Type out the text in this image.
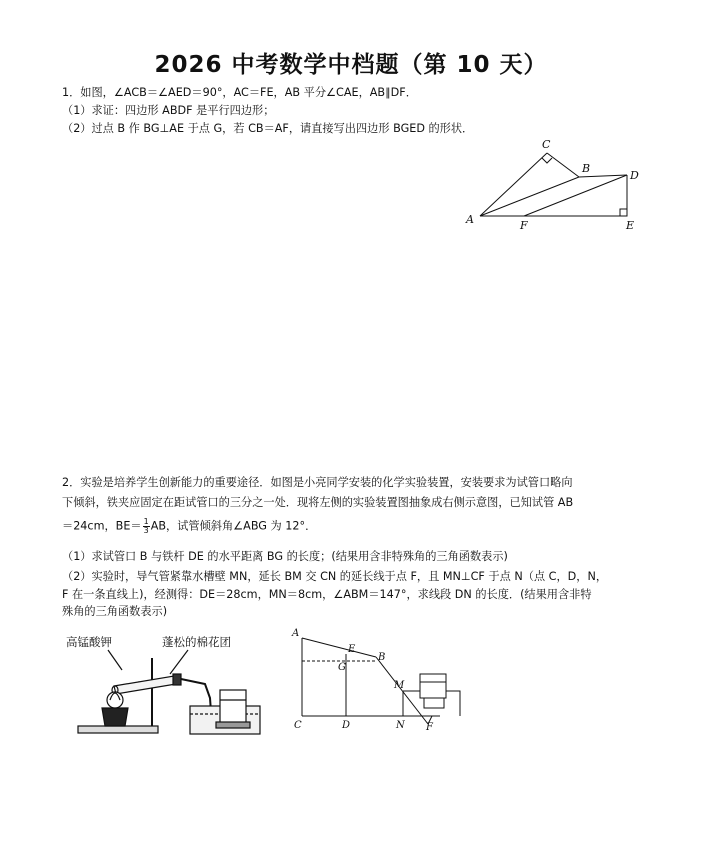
2026 中考数学中档题（第 10 天）
1．如图，∠ACB＝∠AED＝90°，AC＝FE，AB 平分∠CAE，AB∥DF．
（1）求证：四边形 ABDF 是平行四边形；
（2）过点 B 作 BG⊥AE 于点 G，若 CB＝AF，请直接写出四边形 BGED 的形状．
C
B
D
A	F	E
2．实验是培养学生创新能力的重要途径．如图是小亮同学安装的化学实验装置，安装要求为试管口略向
下倾斜，铁夹应固定在距试管口的三分之一处．现将左侧的实验装置图抽象成右侧示意图，已知试管 AB
＝24cm，$BE= \frac{1}{3}$ AB，试管倾斜角∠ABG 为 12°．
（1）求试管口 B 与铁杆 DE 的水平距离 BG 的长度；(结果用含非特殊角的三角函数表示)
（2）实验时，导气管紧靠水槽壁 MN，延长 BM 交 CN 的延长线于点 F，且 MN⊥CF 于点 N（点 C，D，N，
F 在一条直线上)，经测得：DE＝28cm，MN＝8cm，∠ABM＝147°，求线段 DN 的长度．(结果用含非特
殊角的三角函数表示)
高锰酸钾	蓬松的棉花团
A
E
G
B
M
C	D	N F
